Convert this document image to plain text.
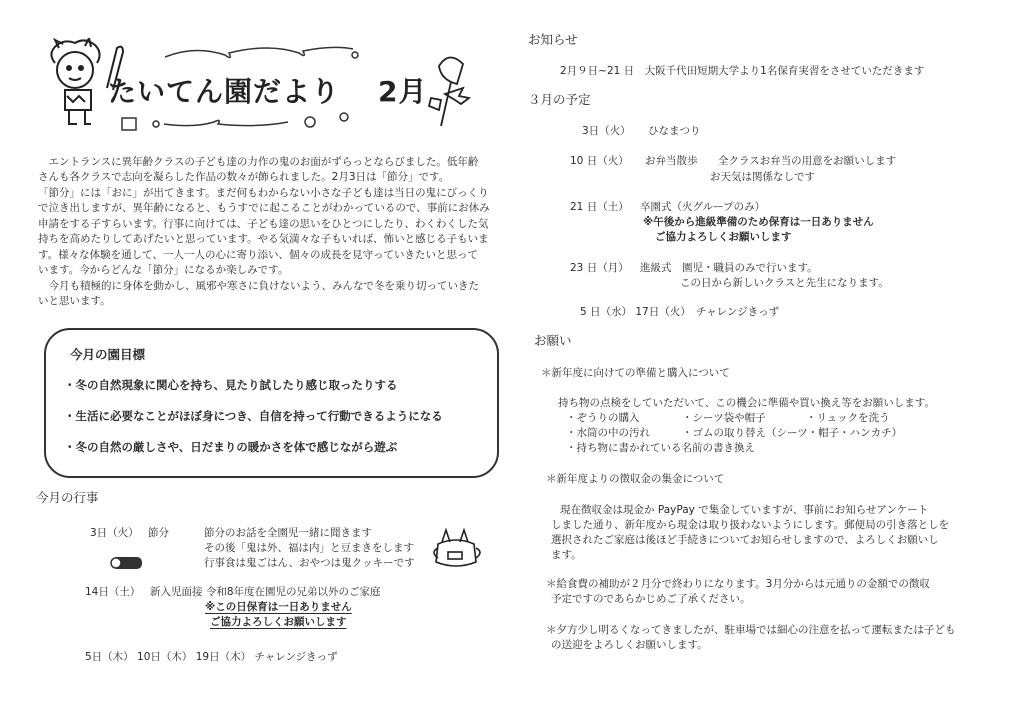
たいてん園だより 2月
　エントランスに異年齢クラスの子ども達の力作の鬼のお面がずらっとならびました。低年齢
さんも各クラスで志向を凝らした作品の数々が飾られました。2月3日は「節分」です。
「節分」には「おに」が出てきます。まだ何もわからない小さな子ども達は当日の鬼にびっくり
で泣き出しますが、異年齢になると、もうすでに起こることがわかっているので、事前にお休み
申請をする子すらいます。行事に向けては、子ども達の思いをひとつにしたり、わくわくした気
持ちを高めたりしてあげたいと思っています。やる気満々な子もいれば、怖いと感じる子もいま
す。様々な体験を通して、一人一人の心に寄り添い、個々の成長を見守っていきたいと思って
います。今からどんな「節分」になるか楽しみです。
　今月も積極的に身体を動かし、風邪や寒さに負けないよう、みんなで冬を乗り切っていきた
いと思います。
今月の園目標
・冬の自然現象に関心を持ち、見たり試したり感じ取ったりする
・生活に必要なことがほぼ身につき、自信を持って行動できるようになる
・冬の自然の厳しさや、日だまりの暖かさを体で感じながら遊ぶ
今月の行事
3日（火） 節分	節分のお話を全園児一緒に聞きます
その後「鬼は外、福は内」と豆まきをします
行事食は鬼ごはん、おやつは鬼クッキーです
14日（土） 新入児面接 令和8年度在園児の兄弟以外のご家庭
※この日保育は一日ありません
ご協力よろしくお願いします
5日（木） 10日（木） 19日（木） チャレンジきっず
お知らせ
2月９日~21 日　大阪千代田短期大学より1名保育実習をさせていただきます
３月の予定
3日（火） ひなまつり
10 日（火） お弁当散歩 全クラスお弁当の用意をお願いします
お天気は関係なしです
21 日（土） 卒園式（火グループのみ）
※午後から進級準備のため保育は一日ありません
ご協力よろしくお願いします
23 日（月） 進級式　園児・職員のみで行います。
この日から新しいクラスと先生になります。
5 日（水） 17日（火）　チャレンジきっず
お願い
＊新年度に向けての準備と購入について
持ち物の点検をしていただいて、この機会に準備や買い換え等をお願いします。
・ぞうりの購入	・シーツ袋や帽子	・リュックを洗う
・水筒の中の汚れ	・ゴムの取り替え（シーツ・帽子・ハンカチ）
・持ち物に書かれている名前の書き換え
＊新年度よりの徴収金の集金について
現在徴収金は現金か PayPay で集金していますが、事前にお知らせアンケート
しました通り、新年度から現金は取り扱わないようにします。郵便局の引き落としを
選択されたご家庭は後ほど手続きについてお知らせしますので、よろしくお願いし
ます。
＊給食費の補助が２月分で終わりになります。3月分からは元通りの金額での徴収
予定ですのであらかじめご了承ください。
＊夕方少し明るくなってきましたが、駐車場では細心の注意を払って運転または子ども
の送迎をよろしくお願いします。
